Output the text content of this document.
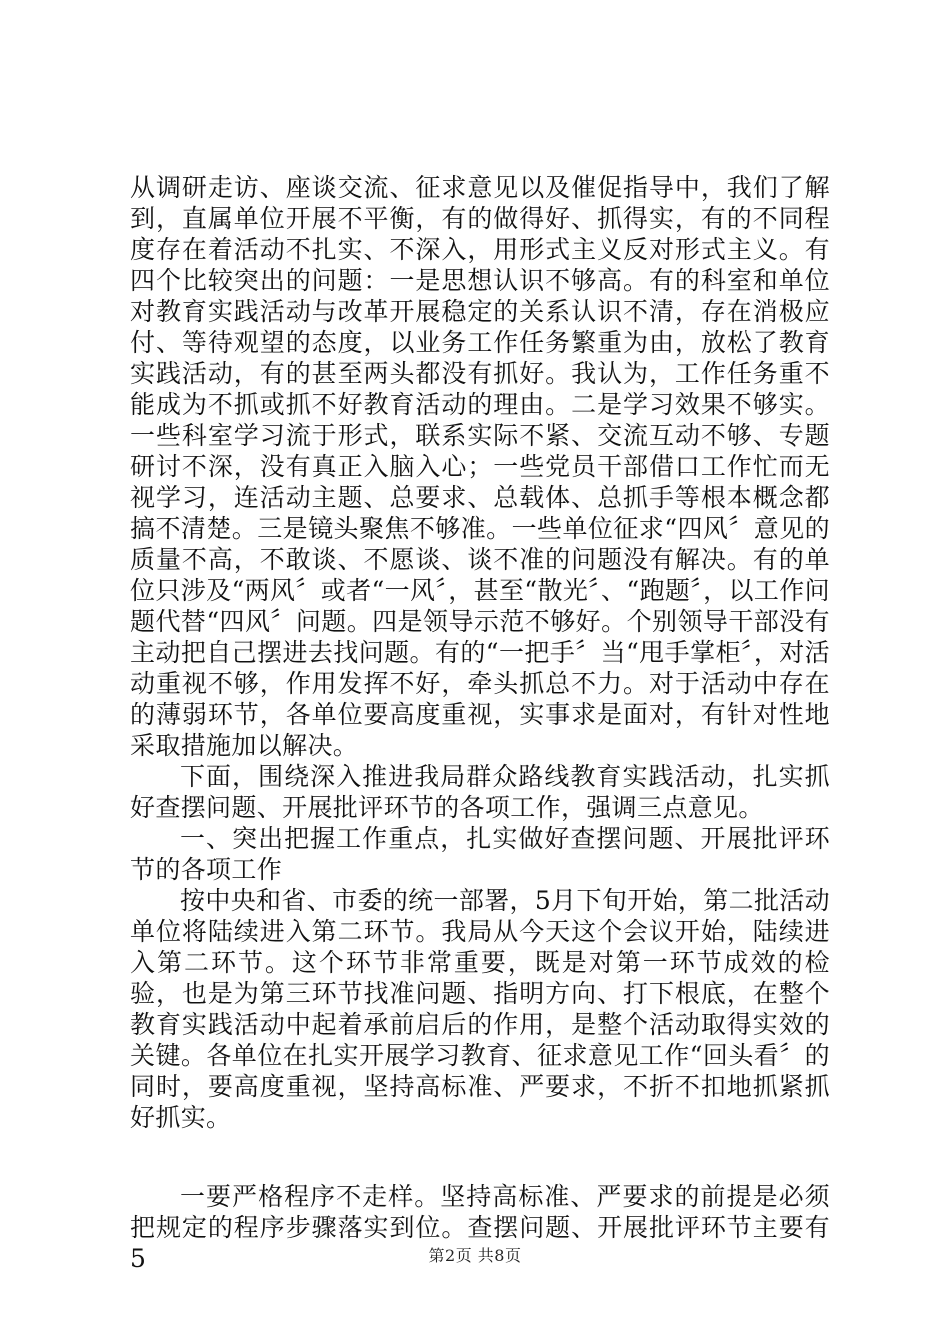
从调研走访、座谈交流、征求意见以及催促指导中，我们了解到，直属单位开展不平衡，有的做得好、抓得实，有的不同程度存在着活动不扎实、不深入，用形式主义反对形式主义。有四个比较突出的问题：一是思想认识不够高。有的科室和单位对教育实践活动与改革开展稳定的关系认识不清，存在消极应付、等待观望的态度，以业务工作任务繁重为由，放松了教育实践活动，有的甚至两头都没有抓好。我认为，工作任务重不能成为不抓或抓不好教育活动的理由。二是学习效果不够实。一些科室学习流于形式，联系实际不紧、交流互动不够、专题研讨不深，没有真正入脑入心；一些党员干部借口工作忙而无视学习，连活动主题、总要求、总载体、总抓手等根本概念都搞不清楚。三是镜头聚焦不够准。一些单位征求“四风〞意见的质量不高，不敢谈、不愿谈、谈不准的问题没有解决。有的单位只涉及“两风〞或者“一风〞，甚至“散光〞、“跑题〞，以工作问题代替“四风〞问题。四是领导示范不够好。个别领导干部没有主动把自己摆进去找问题。有的“一把手〞当“甩手掌柜〞，对活动重视不够，作用发挥不好，牵头抓总不力。对于活动中存在的薄弱环节，各单位要高度重视，实事求是面对，有针对性地采取措施加以解决。

下面，围绕深入推进我局群众路线教育实践活动，扎实抓好查摆问题、开展批评环节的各项工作，强调三点意见。

一、突出把握工作重点，扎实做好查摆问题、开展批评环节的各项工作

按中央和省、市委的统一部署，5月下旬开始，第二批活动单位将陆续进入第二环节。我局从今天这个会议开始，陆续进入第二环节。这个环节非常重要，既是对第一环节成效的检验，也是为第三环节找准问题、指明方向、打下根底，在整个教育实践活动中起着承前启后的作用，是整个活动取得实效的关键。各单位在扎实开展学习教育、征求意见工作“回头看〞的同时，要高度重视，坚持高标准、严要求，不折不扣地抓紧抓好抓实。

一要严格程序不走样。坚持高标准、严要求的前提是必须把规定的程序步骤落实到位。查摆问题、开展批评环节主要有5	第2页 共8页
